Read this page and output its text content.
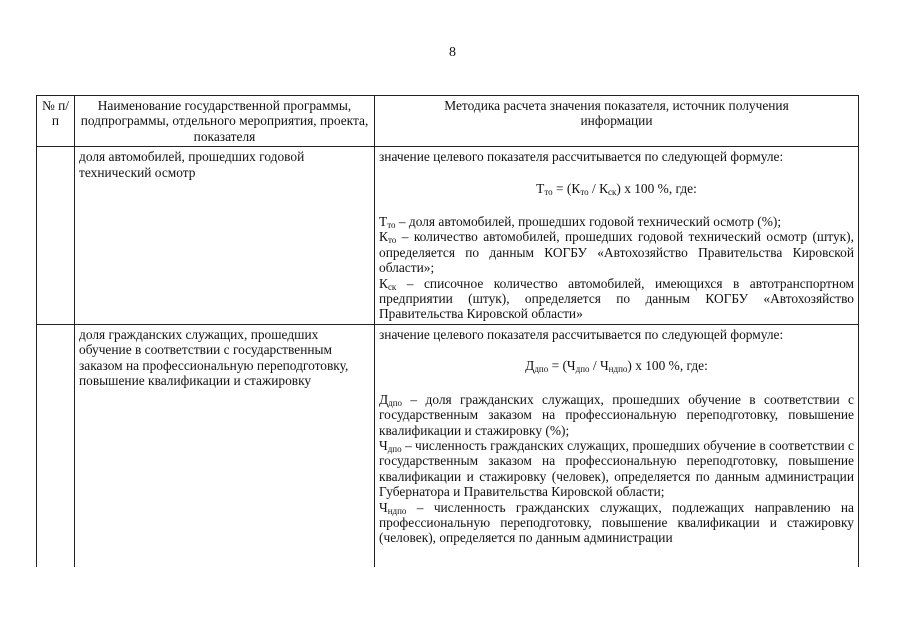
8
№ п/п	Наименование государственной программы, подпрограммы, отдельного мероприятия, проекта, показателя	Методика расчета значения показателя, источник получения информации
	доля автомобилей, прошедших годовой технический осмотр	значение целевого показателя рассчитывается по следующей формуле:
$Т_{то} = (К_{то} / К_{ск})$ х 100 %, где:
$Т_{то}$ – доля автомобилей, прошедших годовой технический осмотр (%);
$К_{то}$ – количество автомобилей, прошедших годовой технический осмотр (штук), определяется по данным КОГБУ «Автохозяйство Правительства Кировской области»;
$К_{ск}$ – списочное количество автомобилей, имеющихся в автотранспортном предприятии (штук), определяется по данным КОГБУ «Автохозяйство Правительства Кировской области»

	доля гражданских служащих, прошедших обучение в соответствии с государственным заказом на профессиональную переподготовку, повышение квалификации и стажировку	значение целевого показателя рассчитывается по следующей формуле:
$Д_{дпо} = (Ч_{дпо} / Ч_{ндпо})$ х 100 %, где:
$Д_{дпо}$ – доля гражданских служащих, прошедших обучение в соответствии с государственным заказом на профессиональную переподготовку, повышение квалификации и стажировку (%);
$Ч_{дпо}$ – численность гражданских служащих, прошедших обучение в соответствии с государственным заказом на профессиональную переподготовку, повышение квалификации и стажировку (человек), определяется по данным администрации Губернатора и Правительства Кировской области;
$Ч_{ндпо}$ – численность гражданских служащих, подлежащих направлению на профессиональную переподготовку, повышение квалификации и стажировку (человек), определяется по данным администрации
